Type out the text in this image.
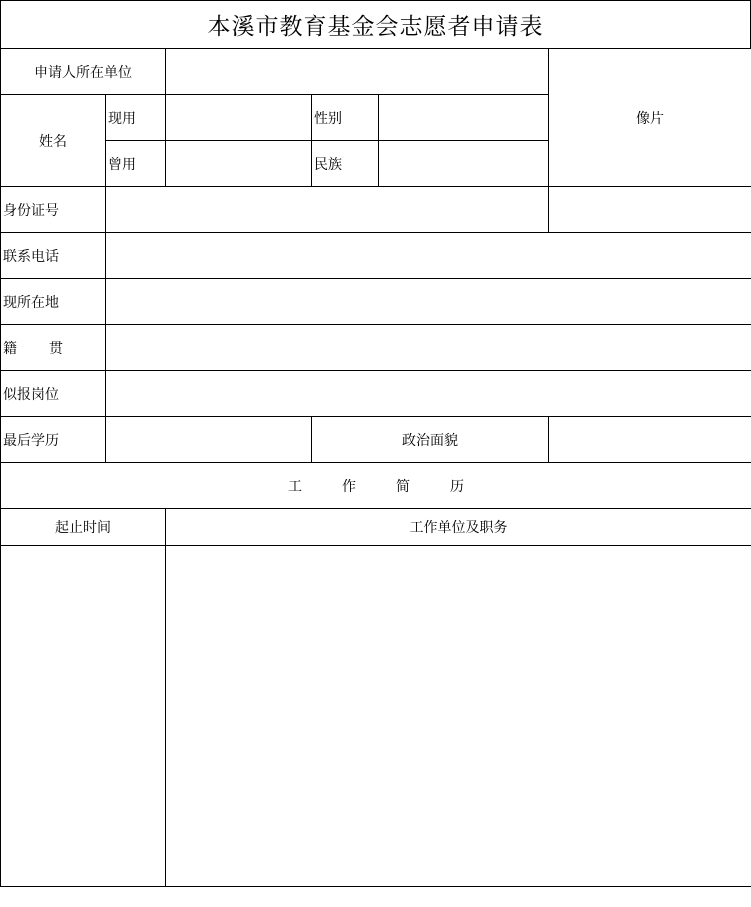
本溪市教育基金会志愿者申请表
申请人所在单位					像片
姓名	现用		性别		
	曾用		民族		
身份证号					
联系电话					
现所在地					
籍 贯					
似报岗位					
最后学历			政治面貌		
工 作 简 历					
起止时间		工作单位及职务			
